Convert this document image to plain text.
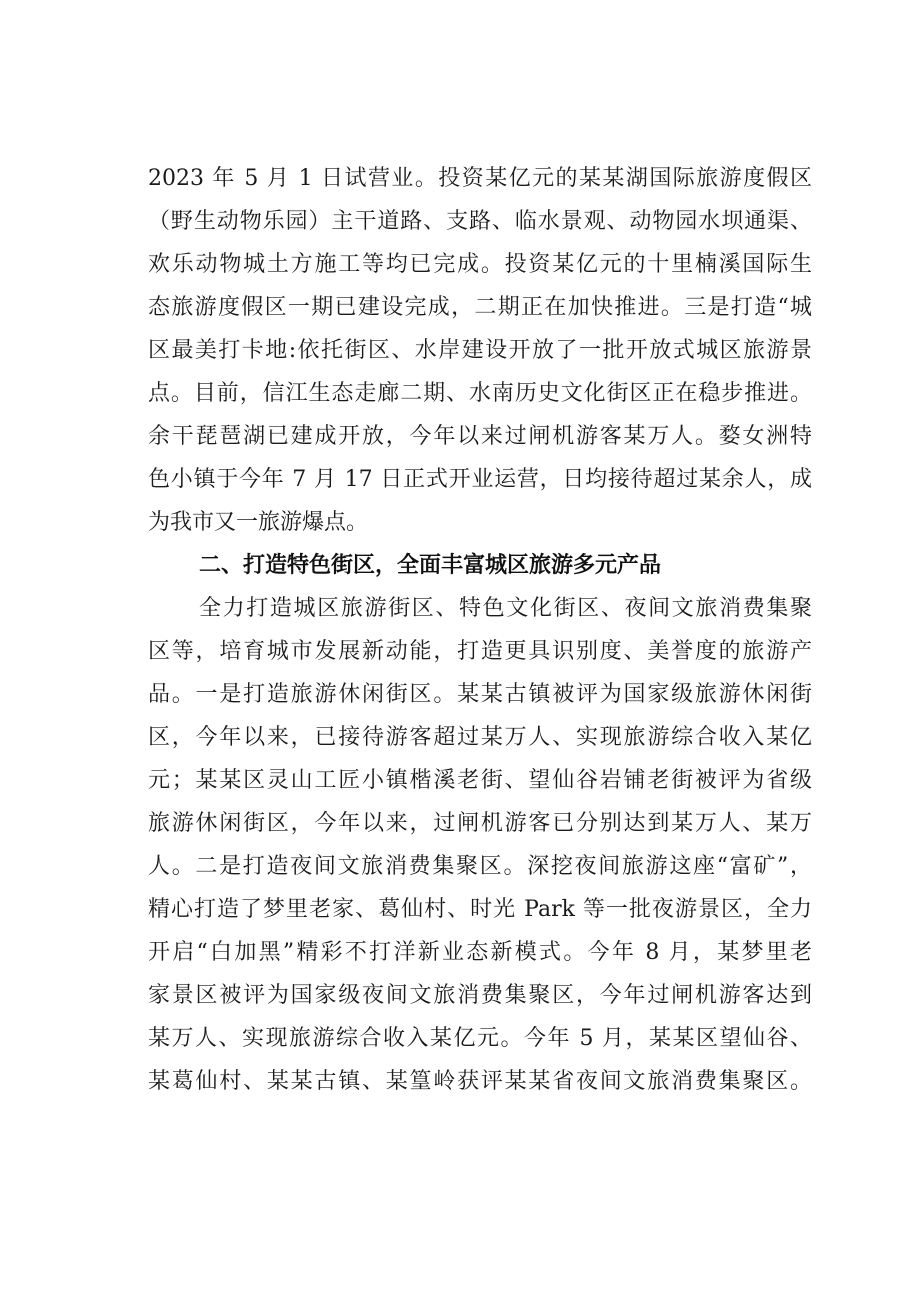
2023 年 5 月 1 日试营业。投资某亿元的某某湖国际旅游度假区
（野生动物乐园）主干道路、支路、临水景观、动物园水坝通渠、
欢乐动物城土方施工等均已完成。投资某亿元的十里楠溪国际生
态旅游度假区一期已建设完成，二期正在加快推进。三是打造“城
区最美打卡地:依托街区、水岸建设开放了一批开放式城区旅游景
点。目前，信江生态走廊二期、水南历史文化街区正在稳步推进。
余干琵琶湖已建成开放，今年以来过闸机游客某万人。婺女洲特
色小镇于今年 7 月 17 日正式开业运营，日均接待超过某余人，成
为我市又一旅游爆点。
二、打造特色街区，全面丰富城区旅游多元产品
全力打造城区旅游街区、特色文化街区、夜间文旅消费集聚
区等，培育城市发展新动能，打造更具识别度、美誉度的旅游产
品。一是打造旅游休闲街区。某某古镇被评为国家级旅游休闲街
区，今年以来，已接待游客超过某万人、实现旅游综合收入某亿
元；某某区灵山工匠小镇楷溪老街、望仙谷岩铺老街被评为省级
旅游休闲街区，今年以来，过闸机游客已分别达到某万人、某万
人。二是打造夜间文旅消费集聚区。深挖夜间旅游这座“富矿”，
精心打造了梦里老家、葛仙村、时光 Park 等一批夜游景区，全力
开启“白加黑”精彩不打洋新业态新模式。今年 8 月，某梦里老
家景区被评为国家级夜间文旅消费集聚区，今年过闸机游客达到
某万人、实现旅游综合收入某亿元。今年 5 月，某某区望仙谷、
某葛仙村、某某古镇、某篁岭获评某某省夜间文旅消费集聚区。
